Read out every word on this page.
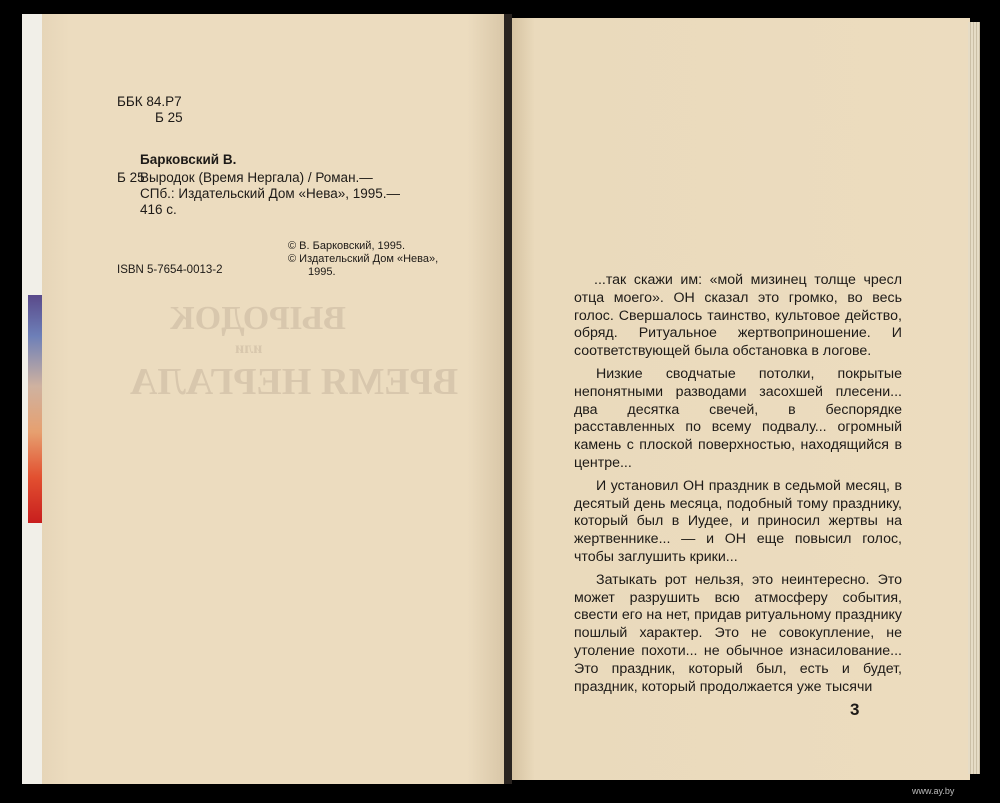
ВЫРОДОК
или
ВРЕМЯ НЕРГАЛА
ББК 84.Р7
Б 25
Барковский В.
Б 25
Выродок (Время Нергала) / Роман.—
СПб.: Издательский Дом «Нева», 1995.—
416 с.
© В. Барковский, 1995.
© Издательский Дом «Нева»,
1995.
ISBN 5-7654-0013-2

...так скажи им: «мой мизинец толще чресл отца моего». ОН сказал это громко, во весь голос. Свершалось таинство, культовое действо, обряд. Ритуальное жертвоприношение. И соответствующей была обстановка в логове.

Низкие сводчатые потолки, покрытые непонятными разводами засохшей плесени... два десятка свечей, в беспорядке расставленных по всему подвалу... огромный камень с плоской поверхностью, находящийся в центре...

И установил ОН праздник в седьмой месяц, в десятый день месяца, подобный тому празднику, который был в Иудее, и приносил жертвы на жертвеннике... — и ОН еще повысил голос, чтобы заглушить крики...

Затыкать рот нельзя, это неинтересно. Это может разрушить всю атмосферу события, свести его на нет, придав ритуальному празднику пошлый характер. Это не совокупление, не утоление похоти... не обычное изнасилование... Это праздник, который был, есть и будет, праздник, который продолжается уже тысячи

3
www.ay.by
